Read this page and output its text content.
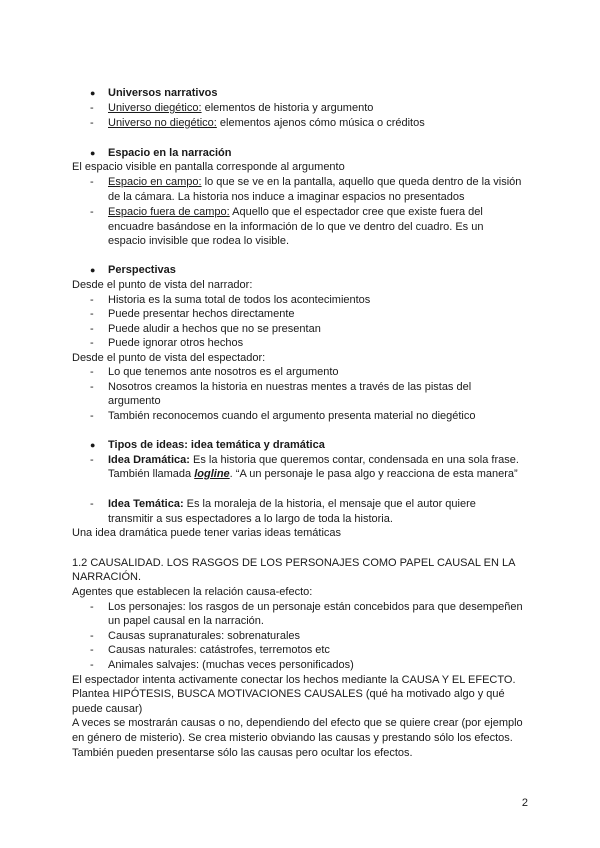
● Universos narrativos
- Universo diegético: elementos de historia y argumento
- Universo no diegético: elementos ajenos cómo música o créditos
● Espacio en la narración
El espacio visible en pantalla corresponde al argumento
- Espacio en campo: lo que se ve en la pantalla, aquello que queda dentro de la visión
de la cámara. La historia nos induce a imaginar espacios no presentados
- Espacio fuera de campo: Aquello que el espectador cree que existe fuera del
encuadre basándose en la información de lo que ve dentro del cuadro. Es un
espacio invisible que rodea lo visible.
● Perspectivas
Desde el punto de vista del narrador:
- Historia es la suma total de todos los acontecimientos
- Puede presentar hechos directamente
- Puede aludir a hechos que no se presentan
- Puede ignorar otros hechos
Desde el punto de vista del espectador:
- Lo que tenemos ante nosotros es el argumento
- Nosotros creamos la historia en nuestras mentes a través de las pistas del
argumento
- También reconocemos cuando el argumento presenta material no diegético
● Tipos de ideas: idea temática y dramática
- Idea Dramática: Es la historia que queremos contar, condensada en una sola frase.
También llamada logline. “A un personaje le pasa algo y reacciona de esta manera”
- Idea Temática: Es la moraleja de la historia, el mensaje que el autor quiere
transmitir a sus espectadores a lo largo de toda la historia.
Una idea dramática puede tener varias ideas temáticas
1.2 CAUSALIDAD. LOS RASGOS DE LOS PERSONAJES COMO PAPEL CAUSAL EN LA
NARRACIÓN.
Agentes que establecen la relación causa-efecto:
- Los personajes: los rasgos de un personaje están concebidos para que desempeñen
un papel causal en la narración.
- Causas supranaturales: sobrenaturales
- Causas naturales: catástrofes, terremotos etc
- Animales salvajes: (muchas veces personificados)
El espectador intenta activamente conectar los hechos mediante la CAUSA Y EL EFECTO.
Plantea HIPÓTESIS, BUSCA MOTIVACIONES CAUSALES (qué ha motivado algo y qué
puede causar)
A veces se mostrarán causas o no, dependiendo del efecto que se quiere crear (por ejemplo
en género de misterio). Se crea misterio obviando las causas y prestando sólo los efectos.
También pueden presentarse sólo las causas pero ocultar los efectos.
2
